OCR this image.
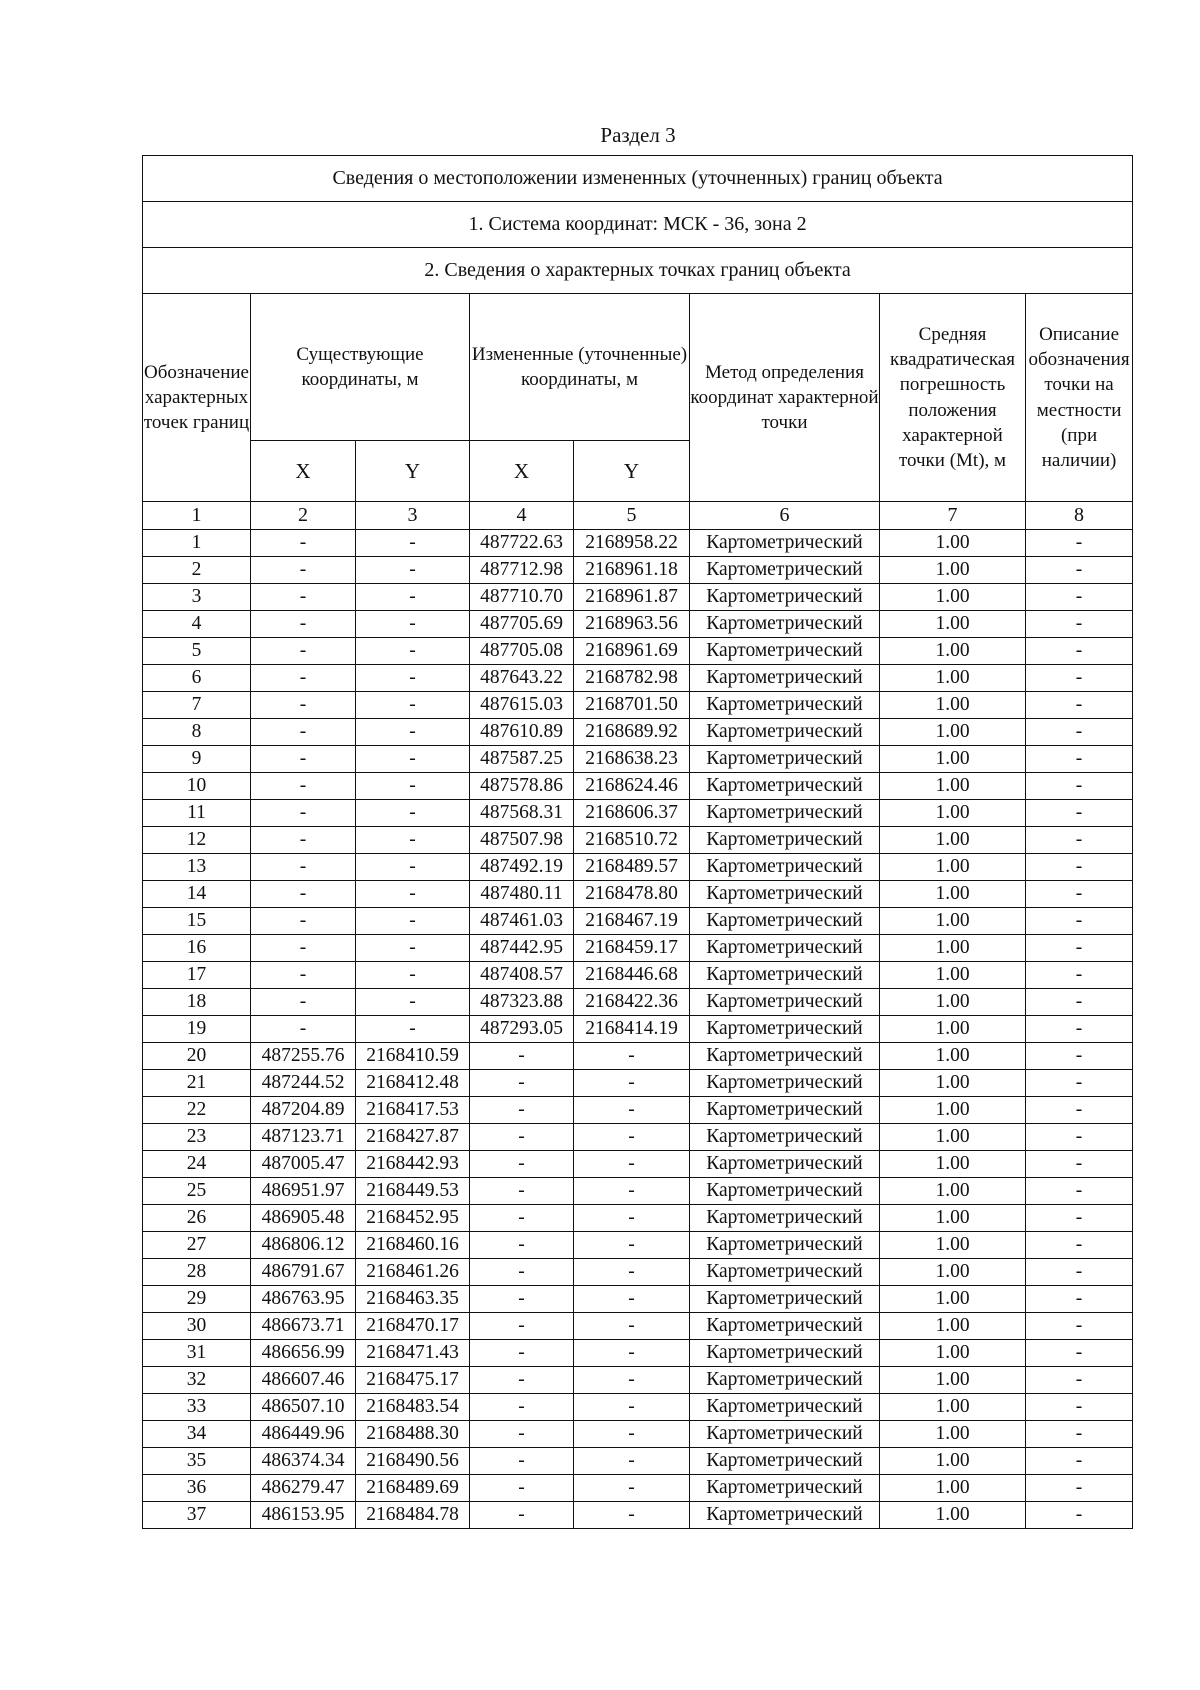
Раздел 3
Сведения о местоположении измененных (уточненных) границ объекта							
1. Система координат: МСК - 36, зона 2							
2. Сведения о характерных точках границ объекта							
Обозначение характерных точек границ	Существующие координаты, м		Измененные (уточненные) координаты, м		Метод определения координат характерной точки	Средняя квадратическая погрешность положения характерной точки (Mt), м	Описание обозначения точки на местности (при наличии)
	X	Y	X	Y			
1	2	3	4	5	6	7	8
1	-	-	487722.63	2168958.22	Картометрический	1.00	-
2	-	-	487712.98	2168961.18	Картометрический	1.00	-
3	-	-	487710.70	2168961.87	Картометрический	1.00	-
4	-	-	487705.69	2168963.56	Картометрический	1.00	-
5	-	-	487705.08	2168961.69	Картометрический	1.00	-
6	-	-	487643.22	2168782.98	Картометрический	1.00	-
7	-	-	487615.03	2168701.50	Картометрический	1.00	-
8	-	-	487610.89	2168689.92	Картометрический	1.00	-
9	-	-	487587.25	2168638.23	Картометрический	1.00	-
10	-	-	487578.86	2168624.46	Картометрический	1.00	-
11	-	-	487568.31	2168606.37	Картометрический	1.00	-
12	-	-	487507.98	2168510.72	Картометрический	1.00	-
13	-	-	487492.19	2168489.57	Картометрический	1.00	-
14	-	-	487480.11	2168478.80	Картометрический	1.00	-
15	-	-	487461.03	2168467.19	Картометрический	1.00	-
16	-	-	487442.95	2168459.17	Картометрический	1.00	-
17	-	-	487408.57	2168446.68	Картометрический	1.00	-
18	-	-	487323.88	2168422.36	Картометрический	1.00	-
19	-	-	487293.05	2168414.19	Картометрический	1.00	-
20	487255.76	2168410.59	-	-	Картометрический	1.00	-
21	487244.52	2168412.48	-	-	Картометрический	1.00	-
22	487204.89	2168417.53	-	-	Картометрический	1.00	-
23	487123.71	2168427.87	-	-	Картометрический	1.00	-
24	487005.47	2168442.93	-	-	Картометрический	1.00	-
25	486951.97	2168449.53	-	-	Картометрический	1.00	-
26	486905.48	2168452.95	-	-	Картометрический	1.00	-
27	486806.12	2168460.16	-	-	Картометрический	1.00	-
28	486791.67	2168461.26	-	-	Картометрический	1.00	-
29	486763.95	2168463.35	-	-	Картометрический	1.00	-
30	486673.71	2168470.17	-	-	Картометрический	1.00	-
31	486656.99	2168471.43	-	-	Картометрический	1.00	-
32	486607.46	2168475.17	-	-	Картометрический	1.00	-
33	486507.10	2168483.54	-	-	Картометрический	1.00	-
34	486449.96	2168488.30	-	-	Картометрический	1.00	-
35	486374.34	2168490.56	-	-	Картометрический	1.00	-
36	486279.47	2168489.69	-	-	Картометрический	1.00	-
37	486153.95	2168484.78	-	-	Картометрический	1.00	-
